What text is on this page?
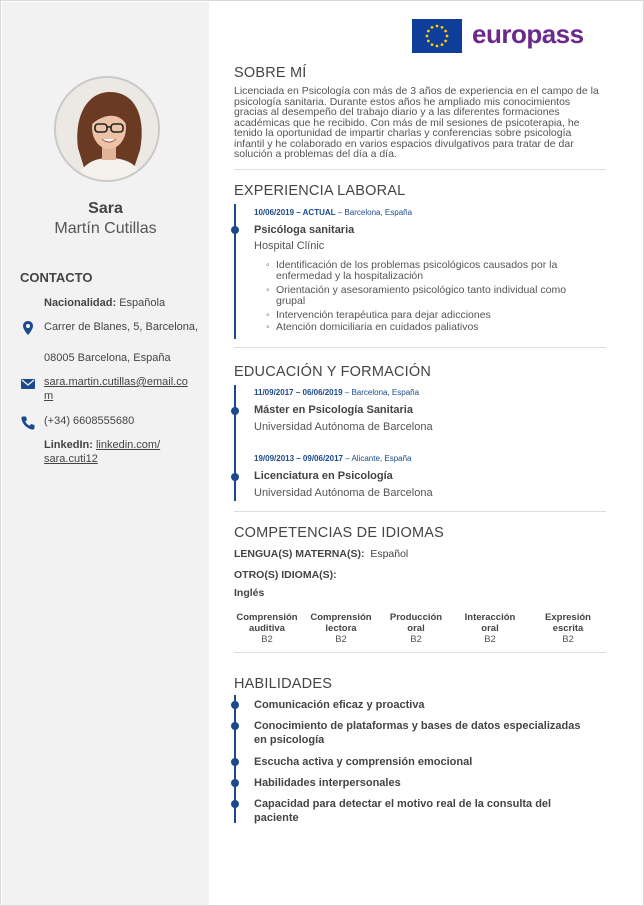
Sara
Martín Cutillas
CONTACTO
Nacionalidad: Española
Carrer de Blanes, 5, Barcelona,
08005 Barcelona, España
sara.martin.cutillas@email.co
m
(+34) 6608555680
LinkedIn: linkedin.com/
sara.cuti12
europass
SOBRE MÍ
Licenciada en Psicología con más de 3 años de experiencia en el campo de la
psicología sanitaria. Durante estos años he ampliado mis conocimientos
gracias al desempeño del trabajo diario y a las diferentes formaciones
académicas que he recibido. Con más de mil sesiones de psicoterapia, he
tenido la oportunidad de impartir charlas y conferencias sobre psicología
infantil y he colaborado en varios espacios divulgativos para tratar de dar
solución a problemas del día a día.
EXPERIENCIA LABORAL
10/06/2019 – ACTUAL – Barcelona, España
Psicóloga sanitaria
Hospital Clínic
◦ Identificación de los problemas psicológicos causados por la
enfermedad y la hospitalización
◦ Orientación y asesoramiento psicológico tanto individual como
grupal
◦ Intervención terapéutica para dejar adicciones
◦ Atención domiciliaria en cuidados paliativos
EDUCACIÓN Y FORMACIÓN
11/09/2017 – 06/06/2019 – Barcelona, España
Máster en Psicología Sanitaria
Universidad Autónoma de Barcelona
19/09/2013 – 09/06/2017 – Alicante, España
Licenciatura en Psicología
Universidad Autónoma de Barcelona
COMPETENCIAS DE IDIOMAS
LENGUA(S) MATERNA(S): Español
OTRO(S) IDIOMA(S):
Inglés
Comprensión
auditiva
B2
Comprensión
lectora
B2
Producción
oral
B2
Interacción
oral
B2
Expresión
escrita
B2
HABILIDADES
Comunicación eficaz y proactiva
Conocimiento de plataformas y bases de datos especializadas
en psicología
Escucha activa y comprensión emocional
Habilidades interpersonales
Capacidad para detectar el motivo real de la consulta del
paciente
